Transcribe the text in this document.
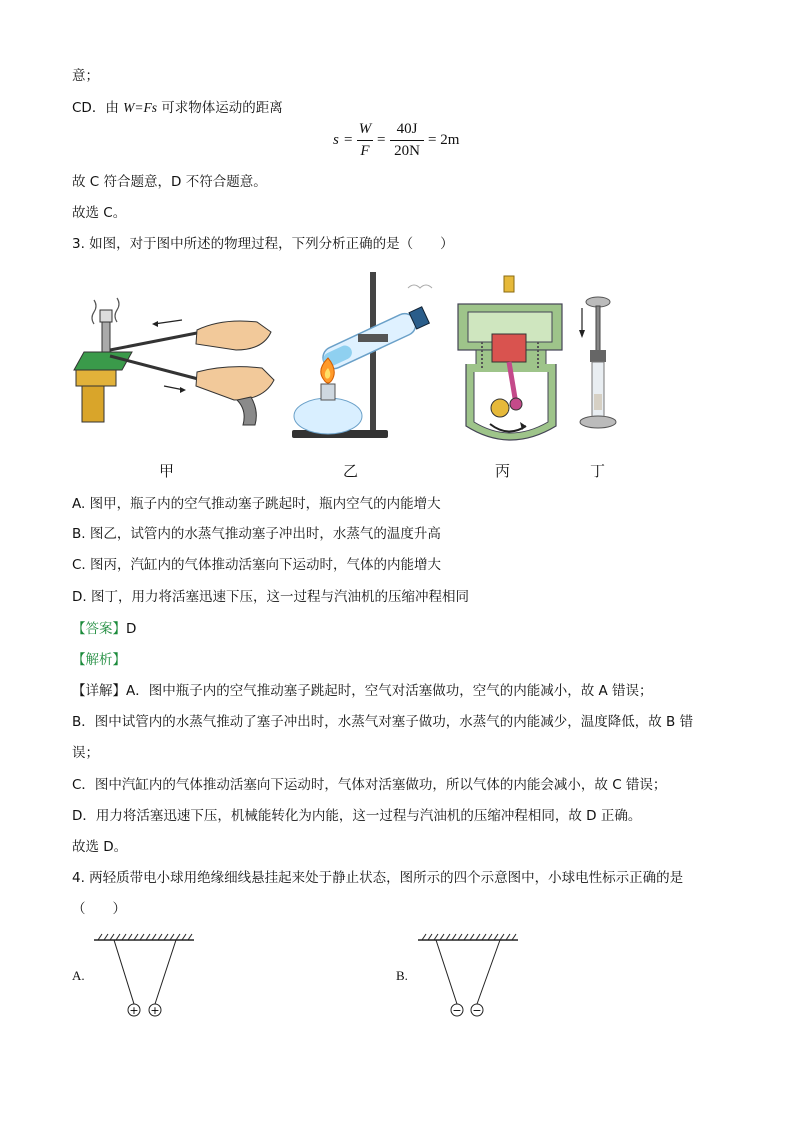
意；
CD．由 W=Fs 可求物体运动的距离
s =
W
F
=
40J
20N
= 2m
故 C 符合题意，D 不符合题意。
故选 C。
3. 如图，对于图中所述的物理过程，下列分析正确的是（　　）
甲	乙	丙	丁
A. 图甲，瓶子内的空气推动塞子跳起时，瓶内空气的内能增大
B. 图乙，试管内的水蒸气推动塞子冲出时，水蒸气的温度升高
C. 图丙，汽缸内的气体推动活塞向下运动时，气体的内能增大
D. 图丁，用力将活塞迅速下压，这一过程与汽油机的压缩冲程相同
【答案】D
【解析】
【详解】A．图中瓶子内的空气推动塞子跳起时，空气对活塞做功，空气的内能减小，故 A 错误；
B．图中试管内的水蒸气推动了塞子冲出时，水蒸气对塞子做功，水蒸气的内能减少，温度降低，故 B 错
误；
C．图中汽缸内的气体推动活塞向下运动时，气体对活塞做功，所以气体的内能会减小，故 C 错误；
D．用力将活塞迅速下压，机械能转化为内能，这一过程与汽油机的压缩冲程相同，故 D 正确。
故选 D。
4. 两轻质带电小球用绝缘细线悬挂起来处于静止状态，图所示的四个示意图中，小球电性标示正确的是
（　　）
A.
+ +
B.
− −
